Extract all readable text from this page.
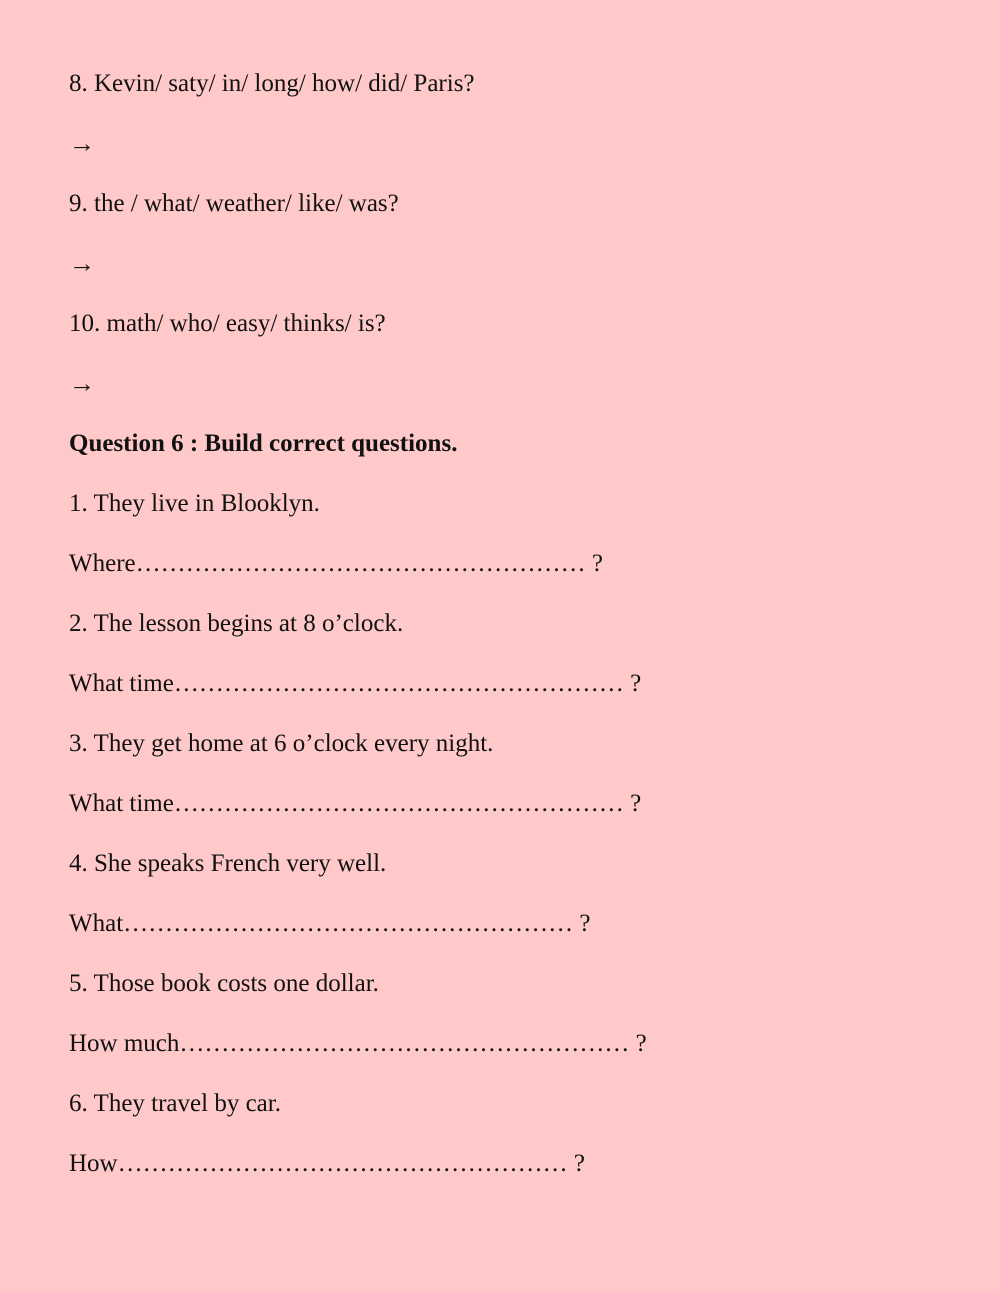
8. Kevin/ saty/ in/ long/ how/ did/ Paris?
→
9. the / what/ weather/ like/ was?
→
10. math/ who/ easy/ thinks/ is?
→
Question 6 : Build correct questions.
1. They live in Blooklyn.
Where……………………………………………… ?
2. The lesson begins at 8 o’clock.
What time……………………………………………… ?
3. They get home at 6 o’clock every night.
What time……………………………………………… ?
4. She speaks French very well.
What……………………………………………… ?
5. Those book costs one dollar.
How much……………………………………………… ?
6. They travel by car.
How……………………………………………… ?
